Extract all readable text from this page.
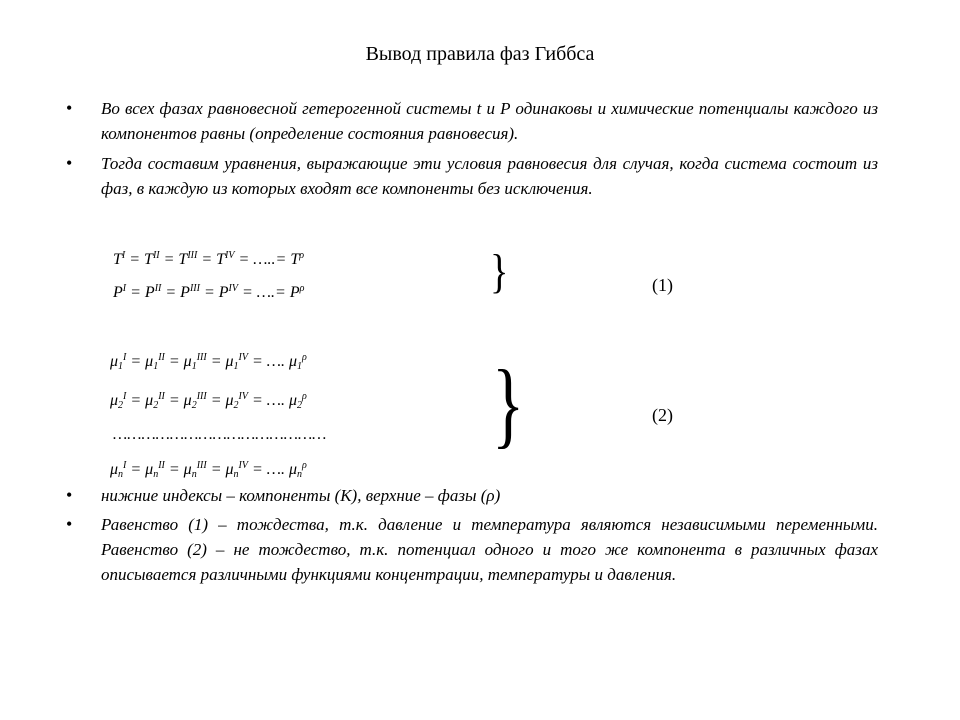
Вывод правила фаз Гиббса
• Во всех фазах равновесной гетерогенной системы t и P одинаковы и химические потенциалы каждого из компонентов равны (определение состояния равновесия).
• Тогда составим уравнения, выражающие эти условия равновесия для случая, когда система состоит из фаз, в каждую из которых входят все компоненты без исключения.
$T^I = T^{II} = T^{III} = T^{IV}$ = …..= $T^\rho$
$P^I = P^{II} = P^{III} = P^{IV}$ = ….= $P^\rho$	}	(1)
$\mu_1^I = \mu_1^{II} = \mu_1^{III} = \mu_1^{IV}$ = …. $\mu_1^\rho$
$\mu_2^I = \mu_2^{II} = \mu_2^{III} = \mu_2^{IV}$ = …. $\mu_2^\rho$
………………………………………
$\mu_n^I = \mu_n^{II} = \mu_n^{III} = \mu_n^{IV}$ = …. $\mu_n^\rho$
}	(2)
• нижние индексы – компоненты (К), верхние – фазы (ρ)
• Равенство (1) – тождества, т.к. давление и температура являются независимыми переменными. Равенство (2) – не тождество, т.к. потенциал одного и того же компонента в различных фазах описывается различными функциями концентрации, температуры и давления.
